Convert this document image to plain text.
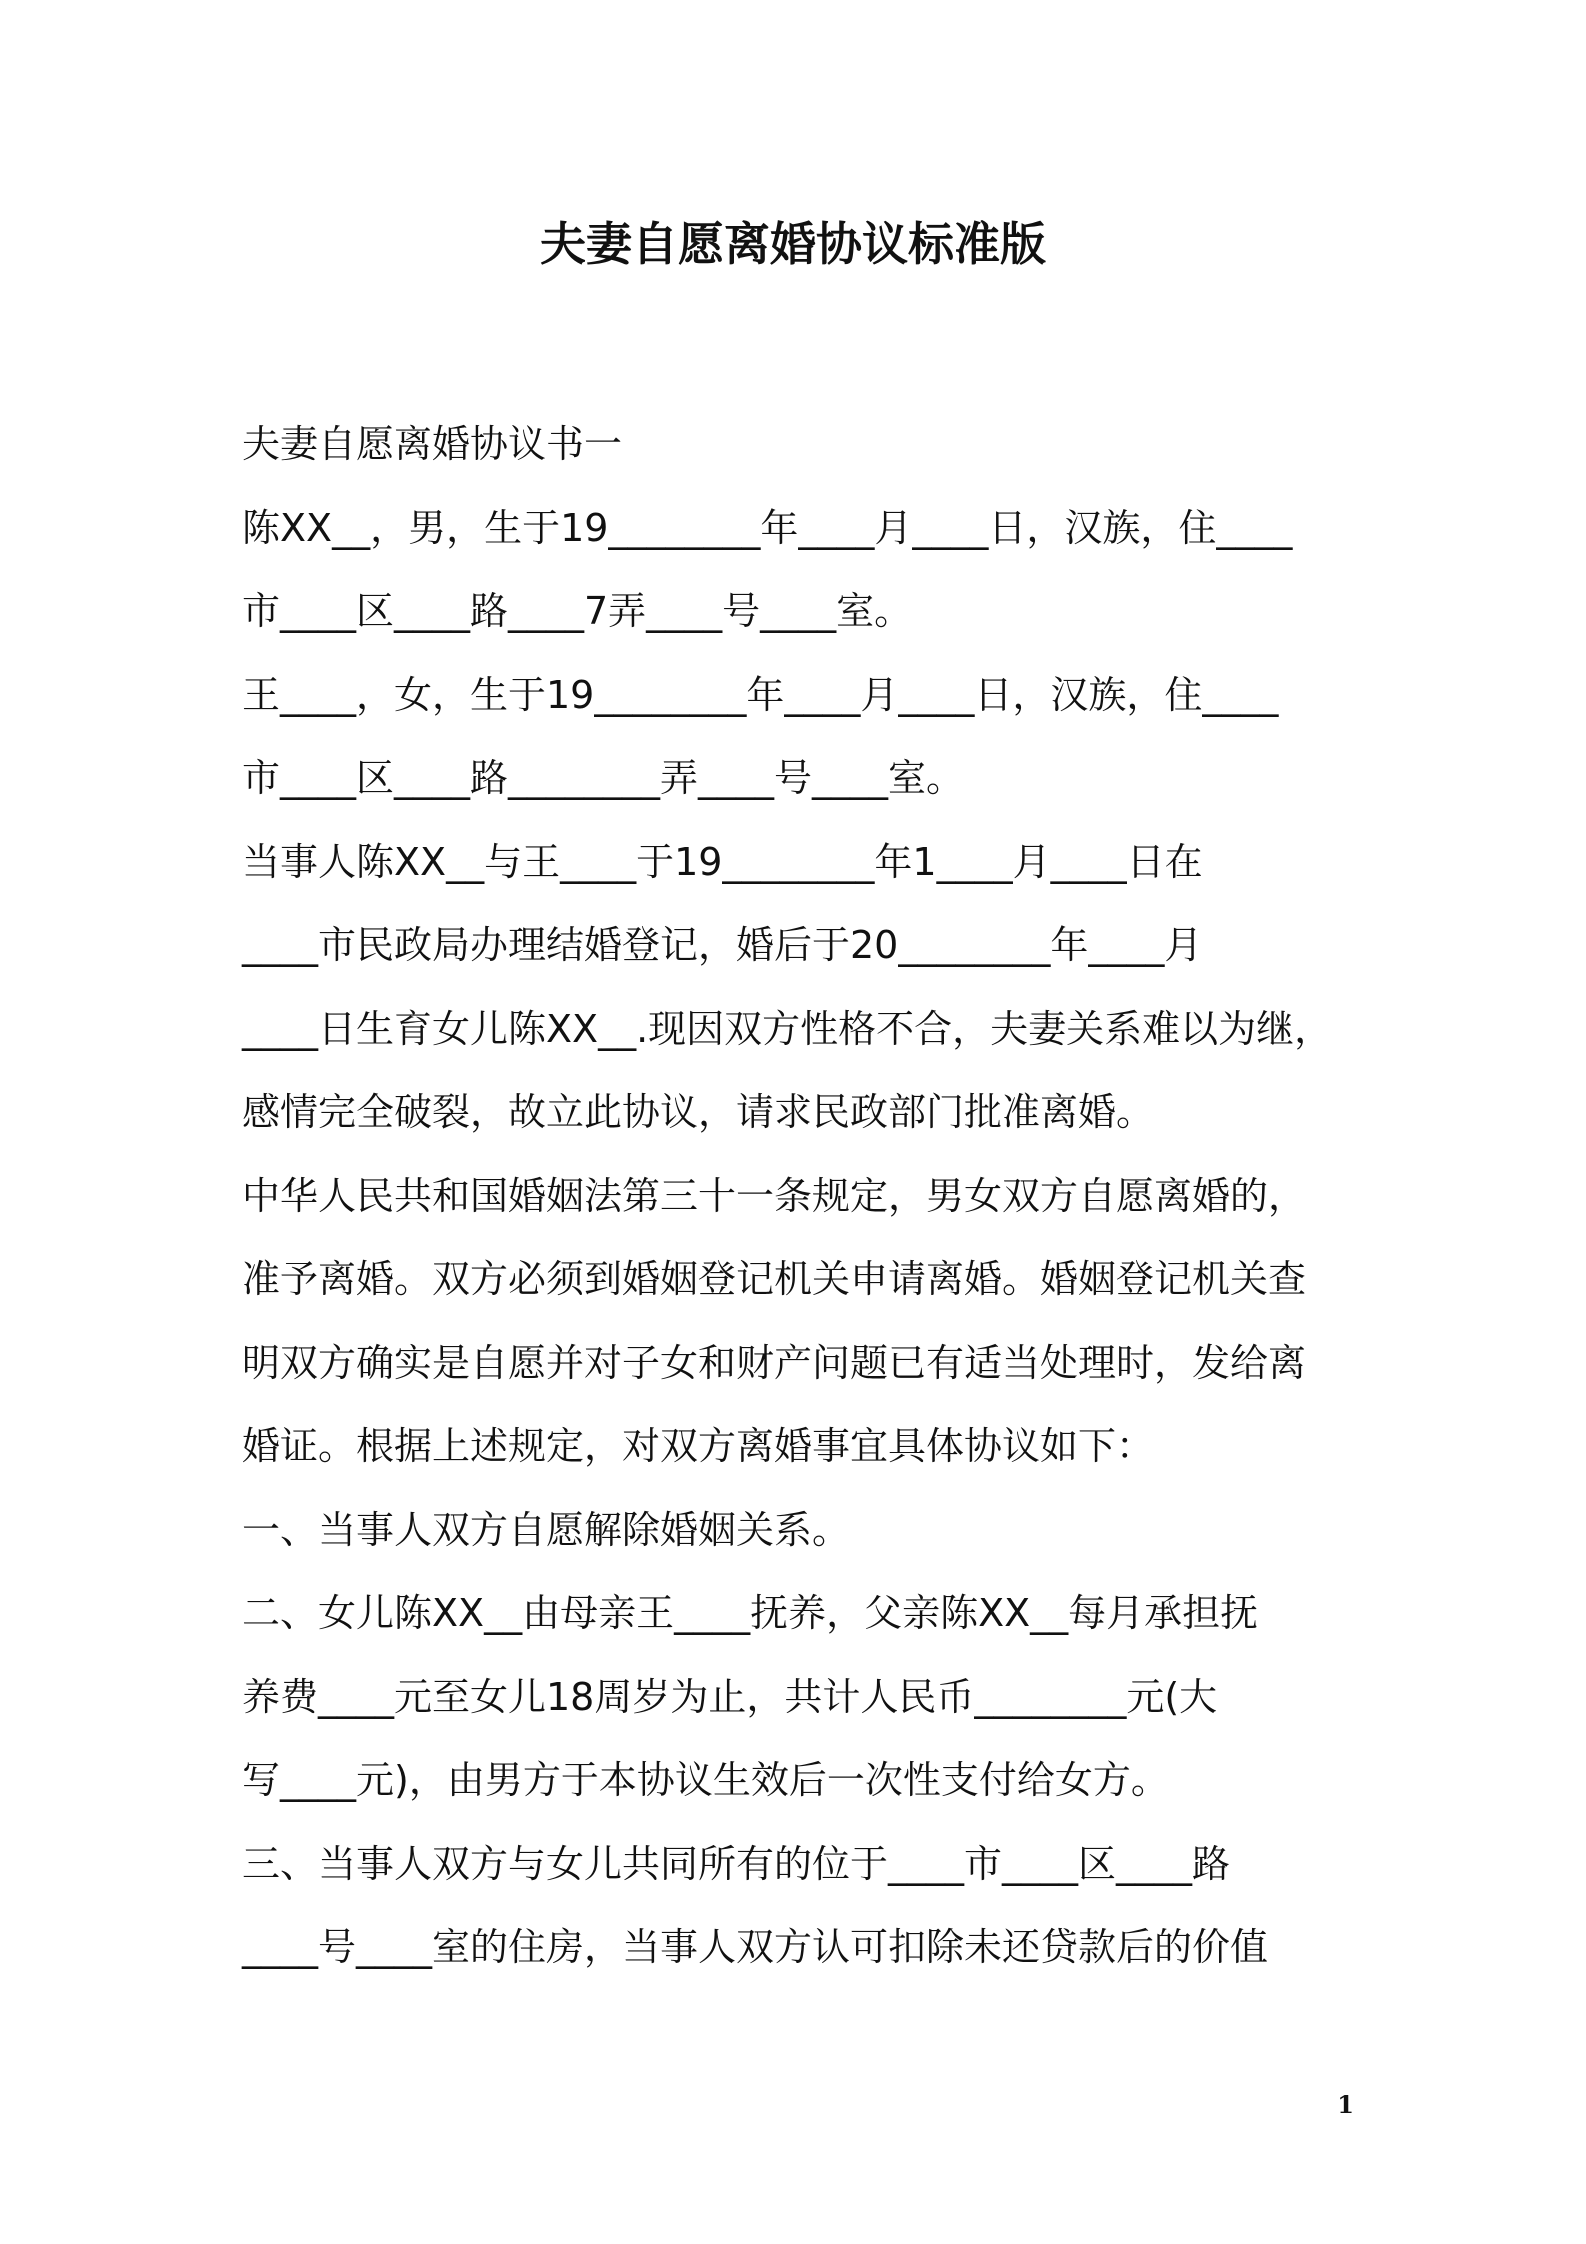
夫妻自愿离婚协议标准版

夫妻自愿离婚协议书一

陈XX__，男，生于19________年____月____日，汉族，住____

市____区____路____7弄____号____室。

王____，女，生于19________年____月____日，汉族，住____

市____区____路________弄____号____室。

当事人陈XX__与王____于19________年1____月____日在

____市民政局办理结婚登记，婚后于20________年____月

____日生育女儿陈XX__.现因双方性格不合，夫妻关系难以为继，

感情完全破裂，故立此协议，请求民政部门批准离婚。

中华人民共和国婚姻法第三十一条规定，男女双方自愿离婚的，

准予离婚。双方必须到婚姻登记机关申请离婚。婚姻登记机关查

明双方确实是自愿并对子女和财产问题已有适当处理时，发给离

婚证。根据上述规定，对双方离婚事宜具体协议如下：

一、当事人双方自愿解除婚姻关系。

二、女儿陈XX__由母亲王____抚养，父亲陈XX__每月承担抚

养费____元至女儿18周岁为止，共计人民币________元(大

写____元)，由男方于本协议生效后一次性支付给女方。

三、当事人双方与女儿共同所有的位于____市____区____路

____号____室的住房，当事人双方认可扣除未还贷款后的价值

1
